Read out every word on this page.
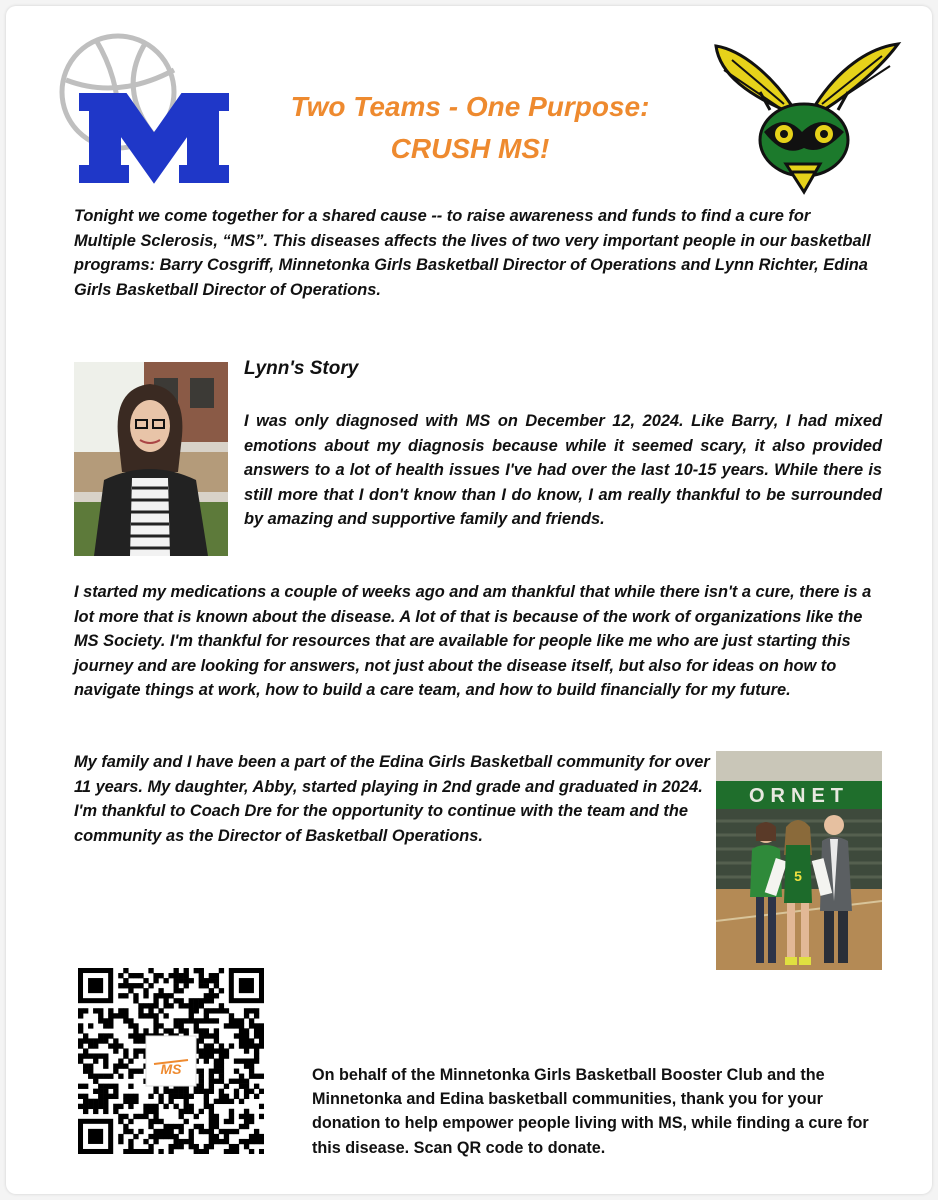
Two Teams - One Purpose:
CRUSH MS!
Tonight we come together for a shared cause -- to raise awareness and funds to find a cure for Multiple Sclerosis, “MS”. This diseases affects the lives of two very important people in our basketball programs: Barry Cosgriff, Minnetonka Girls Basketball Director of Operations and Lynn Richter, Edina Girls Basketball Director of Operations.
Lynn's Story
I was only diagnosed with MS on December 12, 2024. Like Barry, I had mixed emotions about my diagnosis because while it seemed scary, it also provided answers to a lot of health issues I've had over the last 10-15 years. While there is still more that I don't know than I do know, I am really thankful to be surrounded by amazing and supportive family and friends.
I started my medications a couple of weeks ago and am thankful that while there isn't a cure, there is a lot more that is known about the disease. A lot of that is because of the work of organizations like the MS Society. I'm thankful for resources that are available for people like me who are just starting this journey and are looking for answers, not just about the disease itself, but also for ideas on how to navigate things at work, how to build a care team, and how to build financially for my future.
My family and I have been a part of the Edina Girls Basketball community for over 11 years. My daughter, Abby, started playing in 2nd grade and graduated in 2024. I'm thankful to Coach Dre for the opportunity to continue with the team and the community as the Director of Basketball Operations.
ORNET
5
MS	On behalf of the Minnetonka Girls Basketball Booster Club and the Minnetonka and Edina basketball communities, thank you for your donation to help empower people living with MS, while finding a cure for this disease. Scan QR code to donate.
